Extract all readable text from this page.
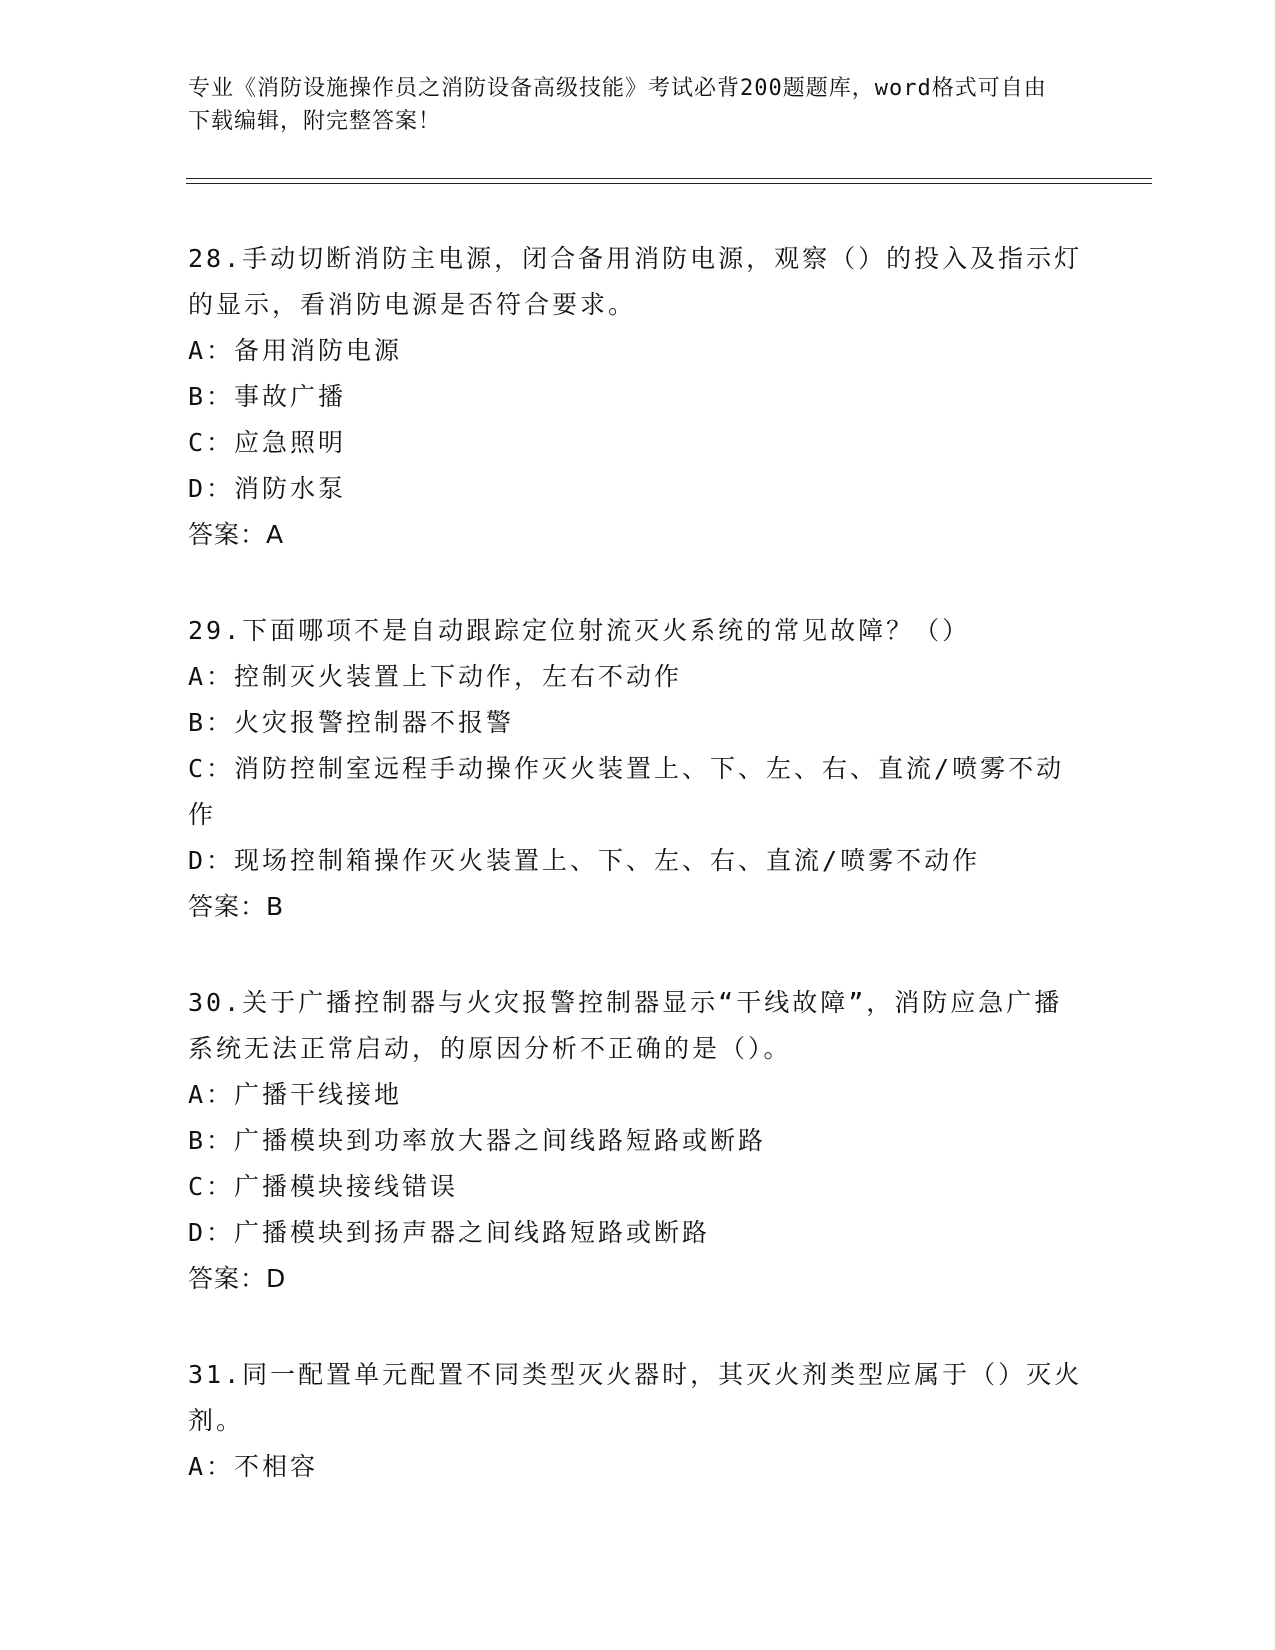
专业《消防设施操作员之消防设备高级技能》考试必背200题题库，word格式可自由下载编辑，附完整答案！
28.手动切断消防主电源，闭合备用消防电源，观察（）的投入及指示灯的显示，看消防电源是否符合要求。
A：备用消防电源
B：事故广播
C：应急照明
D：消防水泵
答案：A
29.下面哪项不是自动跟踪定位射流灭火系统的常见故障？（）
A：控制灭火装置上下动作，左右不动作
B：火灾报警控制器不报警
C：消防控制室远程手动操作灭火装置上、下、左、右、直流/喷雾不动作
D：现场控制箱操作灭火装置上、下、左、右、直流/喷雾不动作
答案：B
30.关于广播控制器与火灾报警控制器显示“干线故障”，消防应急广播系统无法正常启动，的原因分析不正确的是（）。
A：广播干线接地
B：广播模块到功率放大器之间线路短路或断路
C：广播模块接线错误
D：广播模块到扬声器之间线路短路或断路
答案：D
31.同一配置单元配置不同类型灭火器时，其灭火剂类型应属于（）灭火剂。
A：不相容
